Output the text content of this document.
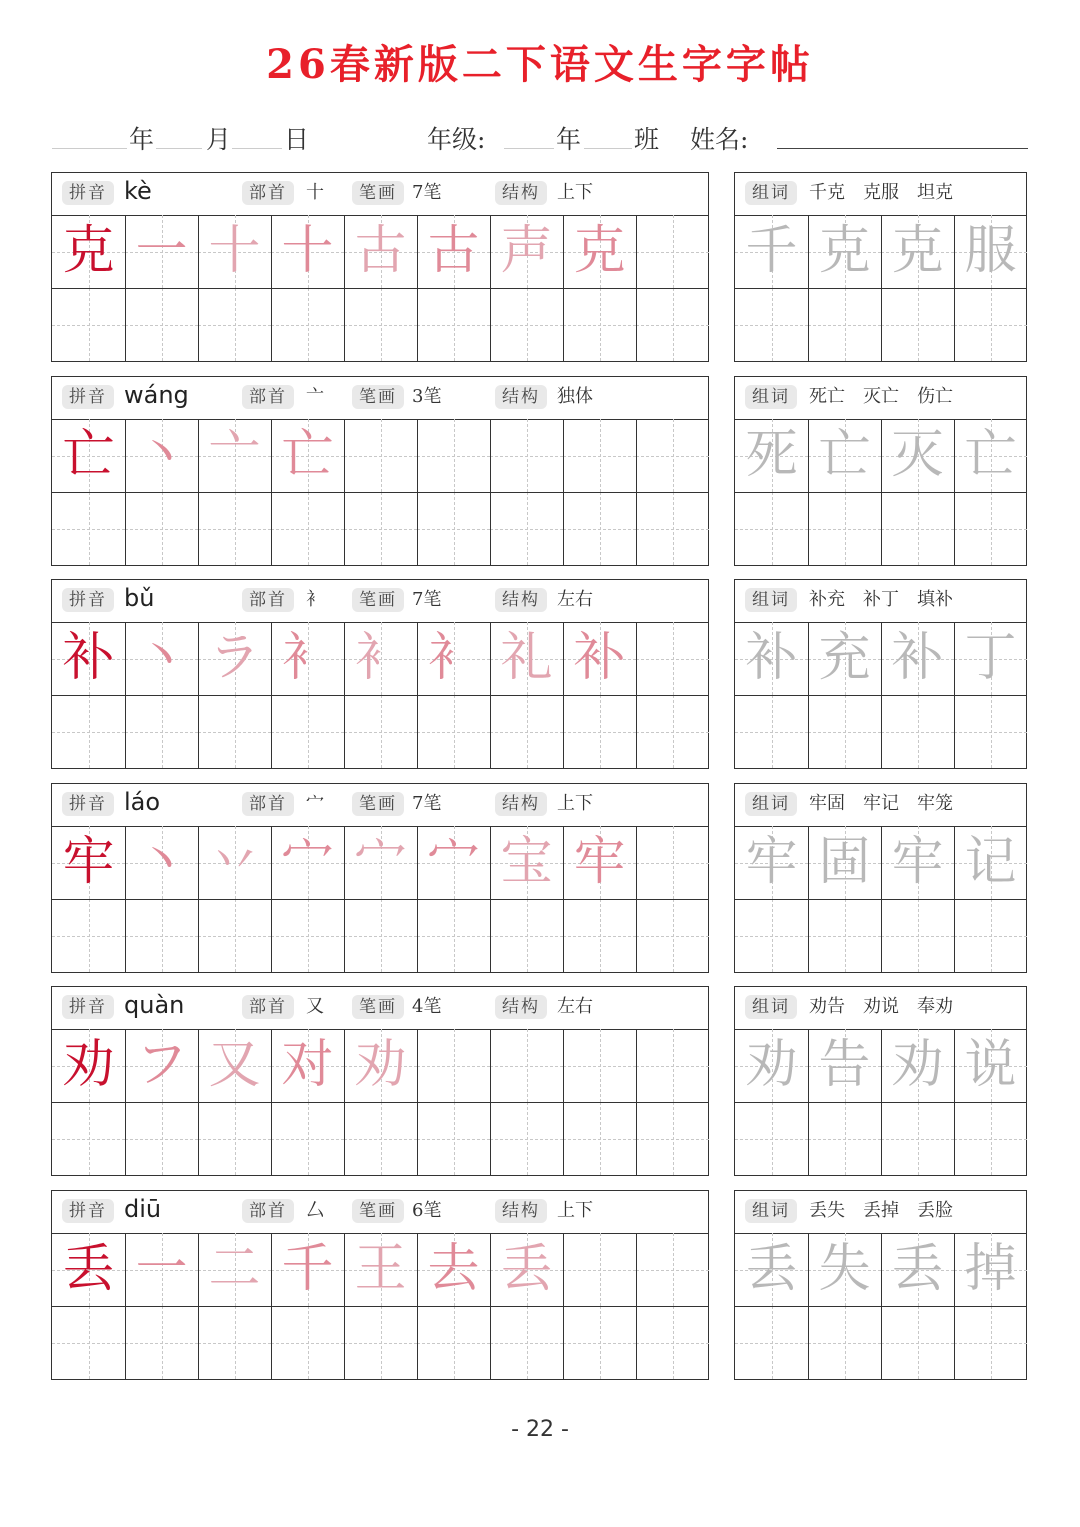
26春新版二下语文生字字帖
年 月 日	年级:	年 班 姓名:
拼音	部首	笔画	结构
kè	十	7笔	上下
克 一 十 十 古 古 声 克
组词	千克　克服　坦克
千 克 克 服
拼音	部首	笔画	结构
wáng	亠	3笔	独体
亡 丶 亠 亡
组词	死亡　灭亡　伤亡
死 亡 灭 亡
拼音	部首	笔画	结构
bǔ	衤	7笔	左右
补 丶 ラ 衤 衤 衤 礼 补
组词	补充　补丁　填补
补 充 补 丁
拼音	部首	笔画	结构
láo	宀	7笔	上下
牢 丶 丷 宀 宀 宀 宝 牢
组词	牢固　牢记　牢笼
牢 固 牢 记
拼音	部首	笔画	结构
quàn	又	4笔	左右
劝 フ 又 对 劝
组词	劝告　劝说　奉劝
劝 告 劝 说
拼音	部首	笔画	结构
diū	厶	6笔	上下
丢 一 二 千 王 去 丢
组词	丢失　丢掉　丢脸
丢 失 丢 掉
- 22 -
